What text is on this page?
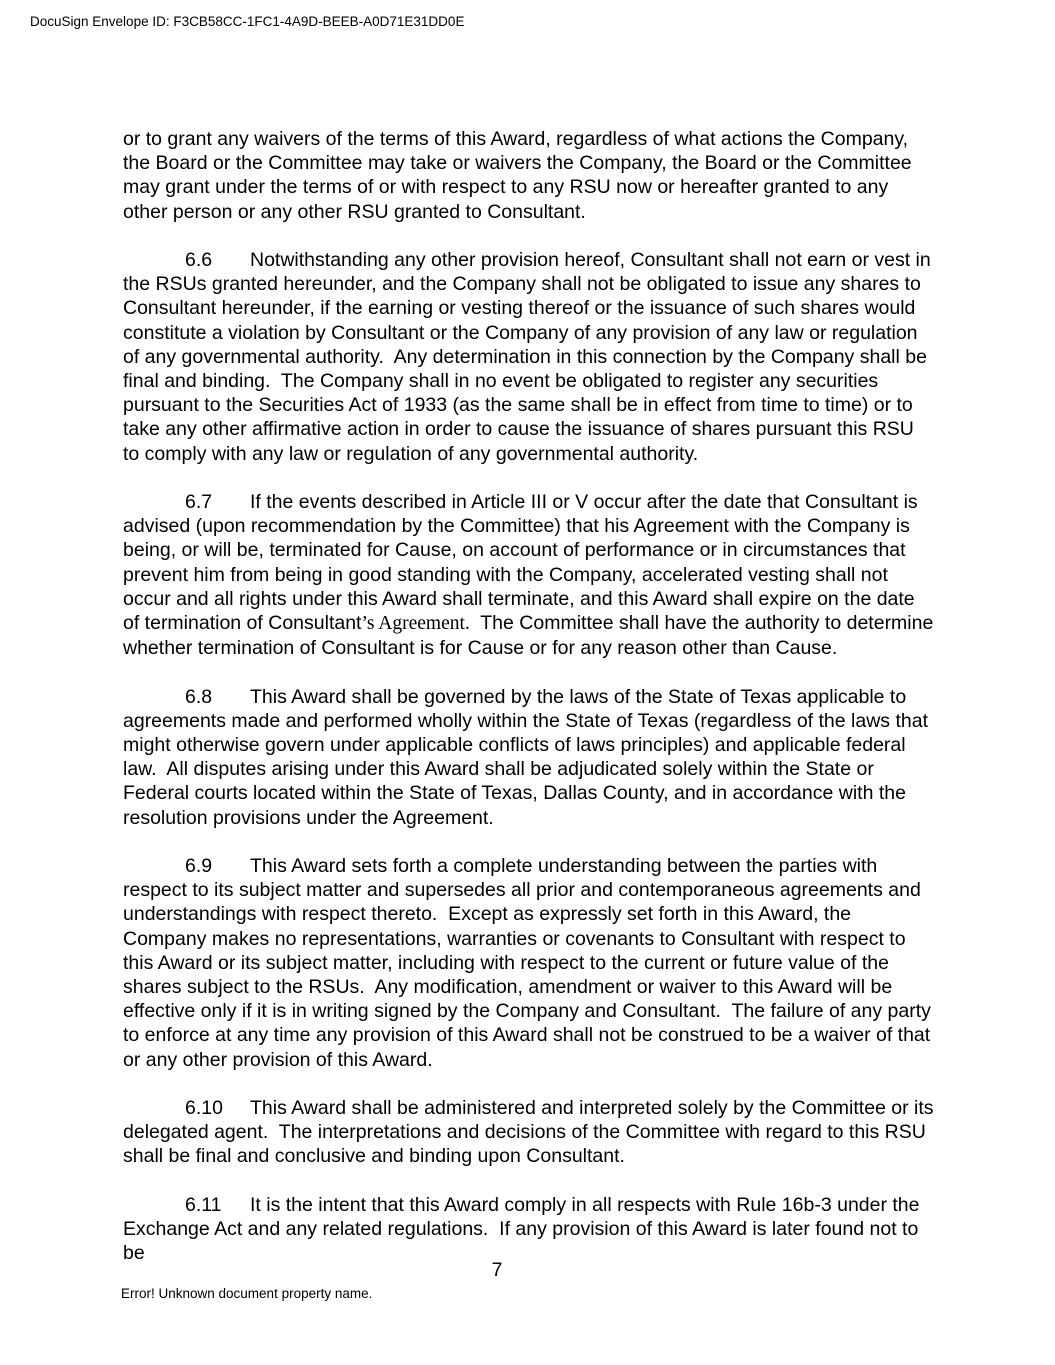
DocuSign Envelope ID: F3CB58CC-1FC1-4A9D-BEEB-A0D71E31DD0E
or to grant any waivers of the terms of this Award, regardless of what actions the Company, the Board or the Committee may take or waivers the Company, the Board or the Committee may grant under the terms of or with respect to any RSU now or hereafter granted to any other person or any other RSU granted to Consultant.
6.6 Notwithstanding any other provision hereof, Consultant shall not earn or vest in the RSUs granted hereunder, and the Company shall not be obligated to issue any shares to Consultant hereunder, if the earning or vesting thereof or the issuance of such shares would constitute a violation by Consultant or the Company of any provision of any law or regulation of any governmental authority.  Any determination in this connection by the Company shall be final and binding.  The Company shall in no event be obligated to register any securities pursuant to the Securities Act of 1933 (as the same shall be in effect from time to time) or to take any other affirmative action in order to cause the issuance of shares pursuant this RSU to comply with any law or regulation of any governmental authority.
6.7 If the events described in Article III or V occur after the date that Consultant is advised (upon recommendation by the Committee) that his Agreement with the Company is being, or will be, terminated for Cause, on account of performance or in circumstances that prevent him from being in good standing with the Company, accelerated vesting shall not occur and all rights under this Award shall terminate, and this Award shall expire on the date of termination of Consultant’s Agreement.  The Committee shall have the authority to determine whether termination of Consultant is for Cause or for any reason other than Cause.
6.8 This Award shall be governed by the laws of the State of Texas applicable to agreements made and performed wholly within the State of Texas (regardless of the laws that might otherwise govern under applicable conflicts of laws principles) and applicable federal law.  All disputes arising under this Award shall be adjudicated solely within the State or Federal courts located within the State of Texas, Dallas County, and in accordance with the resolution provisions under the Agreement.
6.9 This Award sets forth a complete understanding between the parties with respect to its subject matter and supersedes all prior and contemporaneous agreements and understandings with respect thereto.  Except as expressly set forth in this Award, the Company makes no representations, warranties or covenants to Consultant with respect to this Award or its subject matter, including with respect to the current or future value of the shares subject to the RSUs.  Any modification, amendment or waiver to this Award will be effective only if it is in writing signed by the Company and Consultant.  The failure of any party to enforce at any time any provision of this Award shall not be construed to be a waiver of that or any other provision of this Award.
6.10 This Award shall be administered and interpreted solely by the Committee or its delegated agent.  The interpretations and decisions of the Committee with regard to this RSU shall be final and conclusive and binding upon Consultant.
6.11 It is the intent that this Award comply in all respects with Rule 16b-3 under the Exchange Act and any related regulations.  If any provision of this Award is later found not to be
7
Error! Unknown document property name.
